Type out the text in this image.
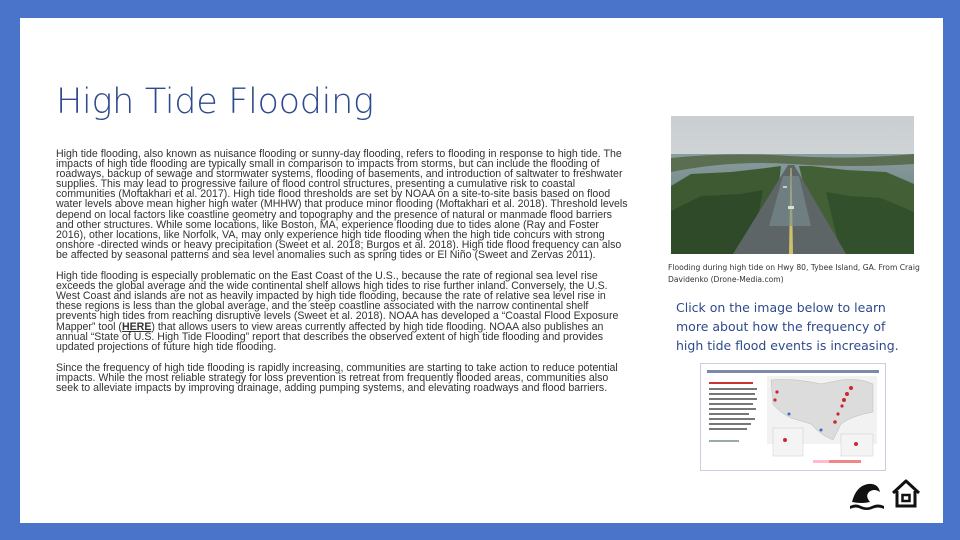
High Tide Flooding

High tide flooding, also known as nuisance flooding or sunny-day flooding, refers to flooding in response to high tide. The impacts of high tide flooding are typically small in comparison to impacts from storms, but can include the flooding of roadways, backup of sewage and stormwater systems, flooding of basements, and introduction of saltwater to freshwater supplies. This may lead to progressive failure of flood control structures, presenting a cumulative risk to coastal communities (Moftakhari et al. 2017). High tide flood thresholds are set by NOAA on a site-to-site basis based on flood water levels above mean higher high water (MHHW) that produce minor flooding (Moftakhari et al. 2018). Threshold levels depend on local factors like coastline geometry and topography and the presence of natural or manmade flood barriers and other structures. While some locations, like Boston, MA, experience flooding due to tides alone (Ray and Foster 2016), other locations, like Norfolk, VA, may only experience high tide flooding when the high tide concurs with strong onshore -directed winds or heavy precipitation (Sweet et al. 2018; Burgos et al. 2018). High tide flood frequency can also be affected by seasonal patterns and sea level anomalies such as spring tides or El Niño (Sweet and Zervas 2011).

High tide flooding is especially problematic on the East Coast of the U.S., because the rate of regional sea level rise exceeds the global average and the wide continental shelf allows high tides to rise further inland. Conversely, the U.S. West Coast and islands are not as heavily impacted by high tide flooding, because the rate of relative sea level rise in these regions is less than the global average, and the steep coastline associated with the narrow continental shelf prevents high tides from reaching disruptive levels (Sweet et al. 2018). NOAA has developed a “Coastal Flood Exposure Mapper” tool (HERE) that allows users to view areas currently affected by high tide flooding. NOAA also publishes an annual “State of U.S. High Tide Flooding” report that describes the observed extent of high tide flooding and provides updated projections of future high tide flooding.

Since the frequency of high tide flooding is rapidly increasing, communities are starting to take action to reduce potential impacts. While the most reliable strategy for loss prevention is retreat from frequently flooded areas, communities also seek to alleviate impacts by improving drainage, adding pumping systems, and elevating roadways and flood barriers.

Flooding during high tide on Hwy 80, Tybee Island, GA. From Craig Davidenko (Drone-Media.com)
Click on the image below to learn more about how the frequency of high tide flood events is increasing.
